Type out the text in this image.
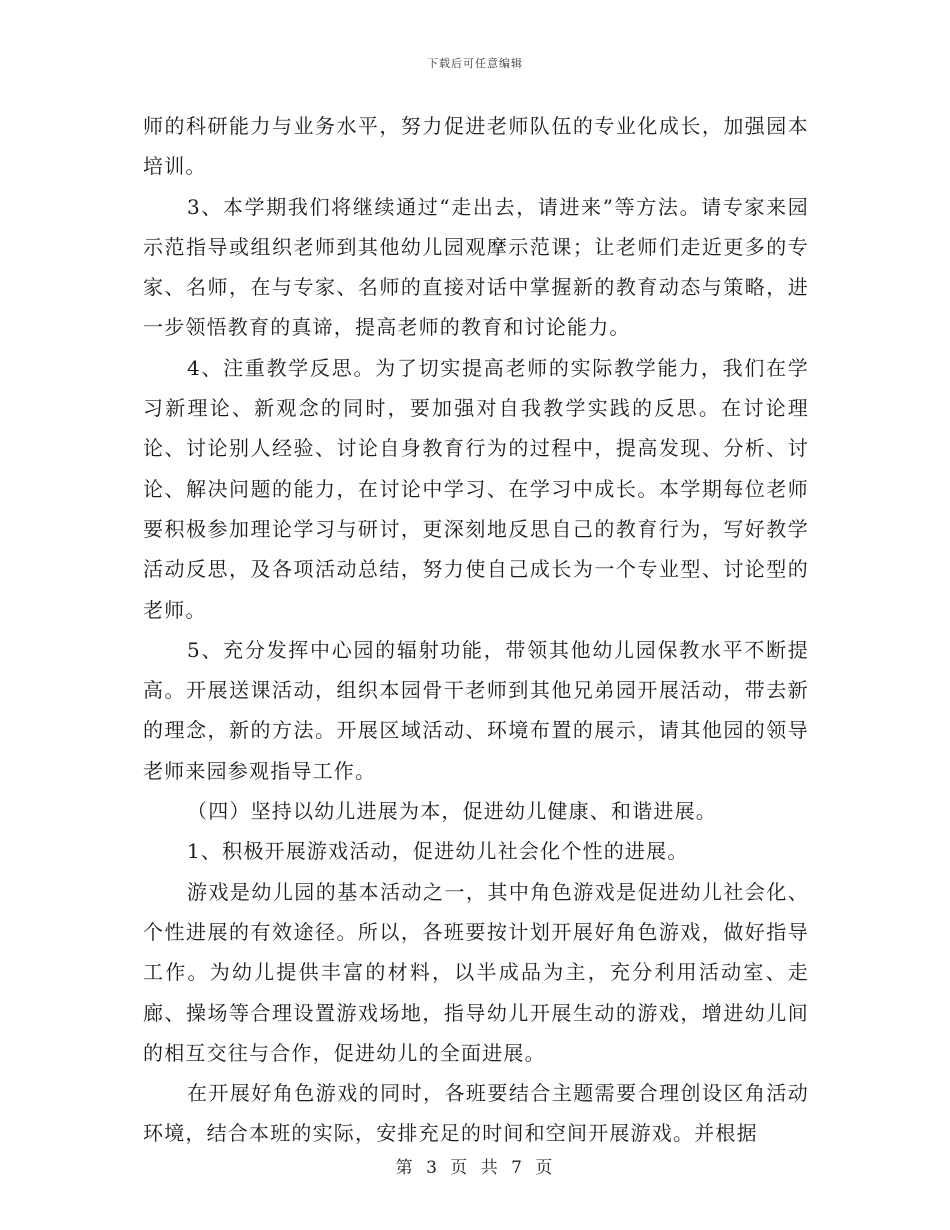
下载后可任意编辑

师的科研能力与业务水平，努力促进老师队伍的专业化成长，加强园本培训。

3、本学期我们将继续通过“走出去，请进来”等方法。请专家来园示范指导或组织老师到其他幼儿园观摩示范课；让老师们走近更多的专家、名师，在与专家、名师的直接对话中掌握新的教育动态与策略，进一步领悟教育的真谛，提高老师的教育和讨论能力。

4、注重教学反思。为了切实提高老师的实际教学能力，我们在学习新理论、新观念的同时，要加强对自我教学实践的反思。在讨论理论、讨论别人经验、讨论自身教育行为的过程中，提高发现、分析、讨论、解决问题的能力，在讨论中学习、在学习中成长。本学期每位老师要积极参加理论学习与研讨，更深刻地反思自己的教育行为，写好教学活动反思，及各项活动总结，努力使自己成长为一个专业型、讨论型的老师。

5、充分发挥中心园的辐射功能，带领其他幼儿园保教水平不断提高。开展送课活动，组织本园骨干老师到其他兄弟园开展活动，带去新的理念，新的方法。开展区域活动、环境布置的展示，请其他园的领导老师来园参观指导工作。

（四）坚持以幼儿进展为本，促进幼儿健康、和谐进展。

1、积极开展游戏活动，促进幼儿社会化个性的进展。

游戏是幼儿园的基本活动之一，其中角色游戏是促进幼儿社会化、个性进展的有效途径。所以，各班要按计划开展好角色游戏，做好指导工作。为幼儿提供丰富的材料，以半成品为主，充分利用活动室、走廊、操场等合理设置游戏场地，指导幼儿开展生动的游戏，增进幼儿间的相互交往与合作，促进幼儿的全面进展。

在开展好角色游戏的同时，各班要结合主题需要合理创设区角活动环境，结合本班的实际，安排充足的时间和空间开展游戏。并根据

第 3 页 共 7 页
